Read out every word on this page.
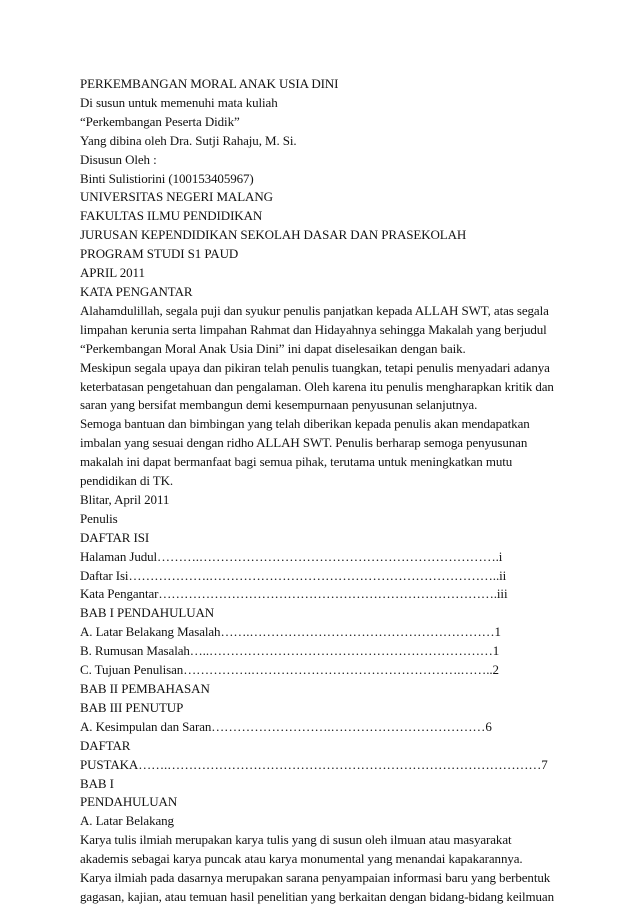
PERKEMBANGAN MORAL ANAK USIA DINI
Di susun untuk memenuhi mata kuliah
“Perkembangan Peserta Didik”
Yang dibina oleh Dra. Sutji Rahaju, M. Si.
Disusun Oleh :
Binti Sulistiorini (100153405967)
UNIVERSITAS NEGERI MALANG
FAKULTAS ILMU PENDIDIKAN
JURUSAN KEPENDIDIKAN SEKOLAH DASAR DAN PRASEKOLAH
PROGRAM STUDI S1 PAUD
APRIL 2011
KATA PENGANTAR
Alahamdulillah, segala puji dan syukur penulis panjatkan kepada ALLAH SWT, atas segala
limpahan kerunia serta limpahan Rahmat dan Hidayahnya sehingga Makalah yang berjudul
“Perkembangan Moral Anak Usia Dini” ini dapat diselesaikan dengan baik.
Meskipun segala upaya dan pikiran telah penulis tuangkan, tetapi penulis menyadari adanya
keterbatasan pengetahuan dan pengalaman. Oleh karena itu penulis mengharapkan kritik dan
saran yang bersifat membangun demi kesempurnaan penyusunan selanjutnya.
Semoga bantuan dan bimbingan yang telah diberikan kepada penulis akan mendapatkan
imbalan yang sesuai dengan ridho ALLAH SWT. Penulis berharap semoga penyusunan
makalah ini dapat bermanfaat bagi semua pihak, terutama untuk meningkatkan mutu
pendidikan di TK.
Blitar, April 2011
Penulis
DAFTAR ISI
Halaman Judul……….…………………………………………………………….i
Daftar Isi……………….…………………………………………………………..ii
Kata Pengantar…………………………………………………………………….iii
BAB I PENDAHULUAN
A. Latar Belakang Masalah…….…………………………………………………1
B. Rumusan Masalah…..…………………………………………………………1
C. Tujuan Penulisan…………….………………………………………….……..2
BAB II PEMBAHASAN
BAB III PENUTUP
A. Kesimpulan dan Saran……………………….………………………………6
DAFTAR
PUSTAKA…….……………………………………………………………………………7
BAB I
PENDAHULUAN
A. Latar Belakang
Karya tulis ilmiah merupakan karya tulis yang di susun oleh ilmuan atau masyarakat
akademis sebagai karya puncak atau karya monumental yang menandai kapakarannya.
Karya ilmiah pada dasarnya merupakan sarana penyampaian informasi baru yang berbentuk
gagasan, kajian, atau temuan hasil penelitian yang berkaitan dengan bidang-bidang keilmuan
